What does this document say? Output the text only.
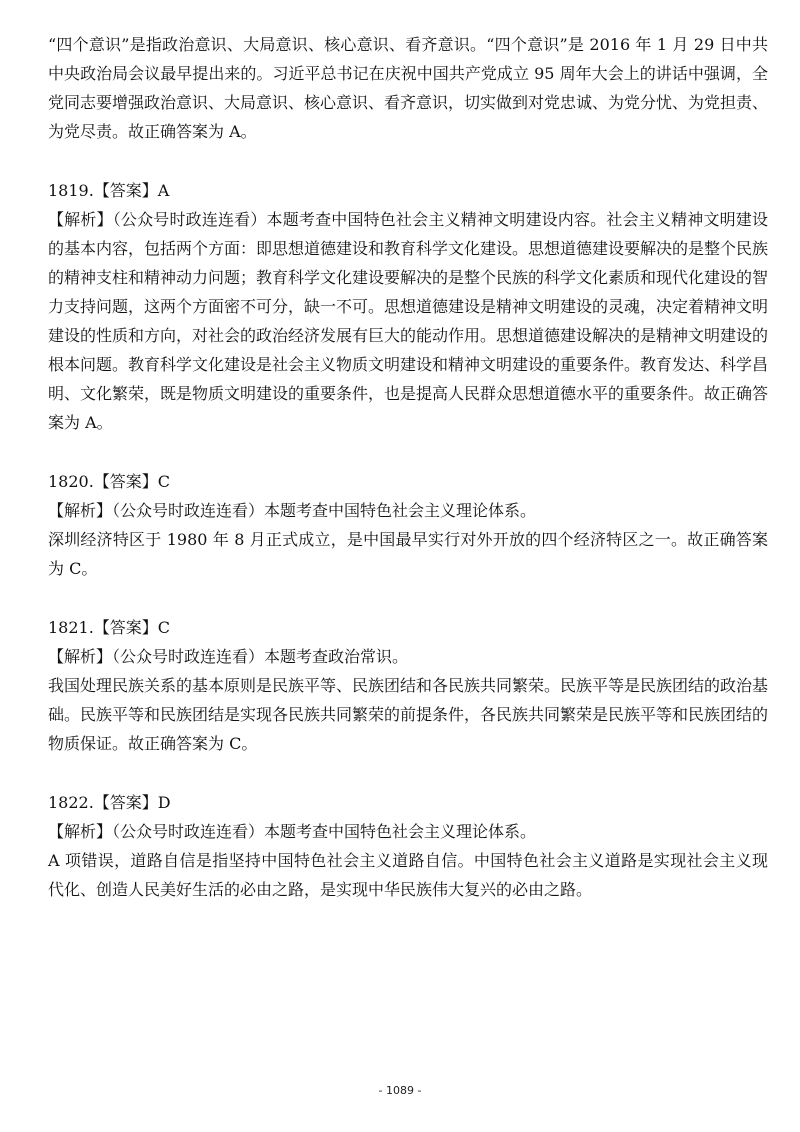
“四个意识”是指政治意识、大局意识、核心意识、看齐意识。“四个意识”是 2016 年 1 月 29 日中共中央政治局会议最早提出来的。习近平总书记在庆祝中国共产党成立 95 周年大会上的讲话中强调，全党同志要增强政治意识、大局意识、核心意识、看齐意识，切实做到对党忠诚、为党分忧、为党担责、为党尽责。故正确答案为 A。

1819.【答案】A

【解析】（公众号时政连连看）本题考查中国特色社会主义精神文明建设内容。社会主义精神文明建设的基本内容，包括两个方面：即思想道德建设和教育科学文化建设。思想道德建设要解决的是整个民族的精神支柱和精神动力问题；教育科学文化建设要解决的是整个民族的科学文化素质和现代化建设的智力支持问题，这两个方面密不可分，缺一不可。思想道德建设是精神文明建设的灵魂，决定着精神文明建设的性质和方向，对社会的政治经济发展有巨大的能动作用。思想道德建设解决的是精神文明建设的根本问题。教育科学文化建设是社会主义物质文明建设和精神文明建设的重要条件。教育发达、科学昌明、文化繁荣，既是物质文明建设的重要条件，也是提高人民群众思想道德水平的重要条件。故正确答案为 A。

1820.【答案】C

【解析】（公众号时政连连看）本题考查中国特色社会主义理论体系。

深圳经济特区于 1980 年 8 月正式成立，是中国最早实行对外开放的四个经济特区之一。故正确答案为 C。

1821.【答案】C

【解析】（公众号时政连连看）本题考查政治常识。

我国处理民族关系的基本原则是民族平等、民族团结和各民族共同繁荣。民族平等是民族团结的政治基础。民族平等和民族团结是实现各民族共同繁荣的前提条件，各民族共同繁荣是民族平等和民族团结的物质保证。故正确答案为 C。

1822.【答案】D

【解析】（公众号时政连连看）本题考查中国特色社会主义理论体系。

A 项错误，道路自信是指坚持中国特色社会主义道路自信。中国特色社会主义道路是实现社会主义现代化、创造人民美好生活的必由之路，是实现中华民族伟大复兴的必由之路。

- 1089 -
